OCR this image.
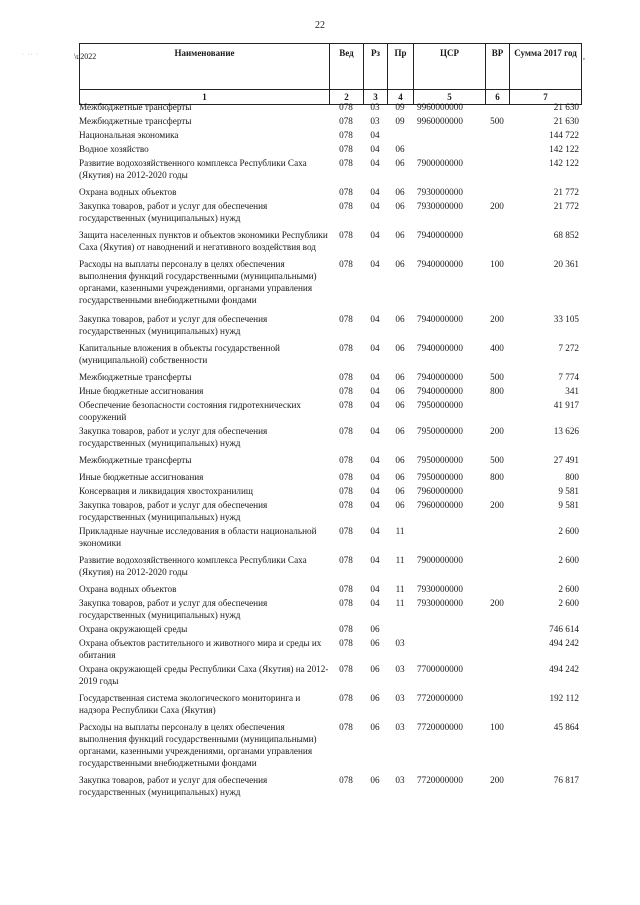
22
· ·· ·	\u2022	,
Наименование	Вед	Рз	Пр	ЦСР	ВР	Сумма 2017 год
1	2	3	4	5	6	7
Межбюджетные трансферты	078	03	09	9960000000		21 630
Межбюджетные трансферты	078	03	09	9960000000	500	21 630
Национальная экономика	078	04				144 722
Водное хозяйство	078	04	06			142 122
Развитие водохозяйственного комплекса Республики Саха (Якутия) на 2012-2020 годы	078	04	06	7900000000		142 122
Охрана водных объектов	078	04	06	7930000000		21 772
Закупка товаров, работ и услуг для обеспечения государственных (муниципальных) нужд	078	04	06	7930000000	200	21 772
Защита населенных пунктов и объектов экономики Республики Саха (Якутия) от наводнений и негативного воздействия вод	078	04	06	7940000000		68 852
Расходы на выплаты персоналу в целях обеспечения выполнения функций государственными (муниципальными) органами, казенными учреждениями, органами управления государственными внебюджетными фондами	078	04	06	7940000000	100	20 361
Закупка товаров, работ и услуг для обеспечения государственных (муниципальных) нужд	078	04	06	7940000000	200	33 105
Капитальные вложения в объекты государственной (муниципальной) собственности	078	04	06	7940000000	400	7 272
Межбюджетные трансферты	078	04	06	7940000000	500	7 774
Иные бюджетные ассигнования	078	04	06	7940000000	800	341
Обеспечение безопасности состояния гидротехнических сооружений	078	04	06	7950000000		41 917
Закупка товаров, работ и услуг для обеспечения государственных (муниципальных) нужд	078	04	06	7950000000	200	13 626
Межбюджетные трансферты	078	04	06	7950000000	500	27 491
Иные бюджетные ассигнования	078	04	06	7950000000	800	800
Консервация и ликвидация хвостохранилищ	078	04	06	7960000000		9 581
Закупка товаров, работ и услуг для обеспечения государственных (муниципальных) нужд	078	04	06	7960000000	200	9 581
Прикладные научные исследования в области национальной экономики	078	04	11			2 600
Развитие водохозяйственного комплекса Республики Саха (Якутия) на 2012-2020 годы	078	04	11	7900000000		2 600
Охрана водных объектов	078	04	11	7930000000		2 600
Закупка товаров, работ и услуг для обеспечения государственных (муниципальных) нужд	078	04	11	7930000000	200	2 600
Охрана окружающей среды	078	06				746 614
Охрана объектов растительного и животного мира и среды их обитания	078	06	03			494 242
Охрана окружающей среды Республики Саха (Якутия) на 2012-2019 годы	078	06	03	7700000000		494 242
Государственная система экологического мониторинга и надзора Республики Саха (Якутия)	078	06	03	7720000000		192 112
Расходы на выплаты персоналу в целях обеспечения выполнения функций государственными (муниципальными) органами, казенными учреждениями, органами управления государственными внебюджетными фондами	078	06	03	7720000000	100	45 864
Закупка товаров, работ и услуг для обеспечения государственных (муниципальных) нужд	078	06	03	7720000000	200	76 817
